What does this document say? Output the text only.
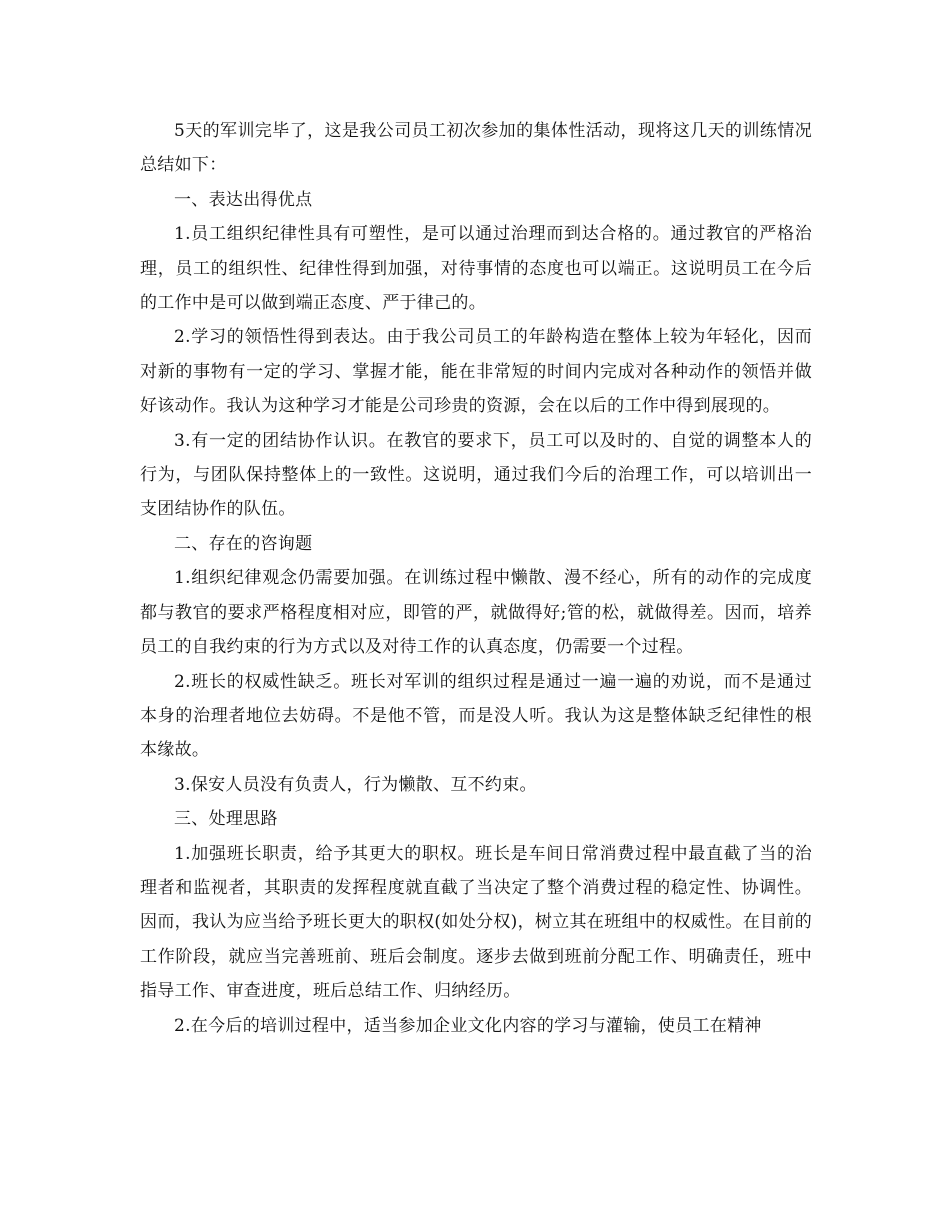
5天的军训完毕了，这是我公司员工初次参加的集体性活动，现将这几天的训练情况总结如下：

一、表达出得优点

1.员工组织纪律性具有可塑性，是可以通过治理而到达合格的。通过教官的严格治理，员工的组织性、纪律性得到加强，对待事情的态度也可以端正。这说明员工在今后的工作中是可以做到端正态度、严于律己的。

2.学习的领悟性得到表达。由于我公司员工的年龄构造在整体上较为年轻化，因而对新的事物有一定的学习、掌握才能，能在非常短的时间内完成对各种动作的领悟并做好该动作。我认为这种学习才能是公司珍贵的资源，会在以后的工作中得到展现的。

3.有一定的团结协作认识。在教官的要求下，员工可以及时的、自觉的调整本人的行为，与团队保持整体上的一致性。这说明，通过我们今后的治理工作，可以培训出一支团结协作的队伍。

二、存在的咨询题

1.组织纪律观念仍需要加强。在训练过程中懒散、漫不经心，所有的动作的完成度都与教官的要求严格程度相对应，即管的严，就做得好;管的松，就做得差。因而，培养员工的自我约束的行为方式以及对待工作的认真态度，仍需要一个过程。

2.班长的权威性缺乏。班长对军训的组织过程是通过一遍一遍的劝说，而不是通过本身的治理者地位去妨碍。不是他不管，而是没人听。我认为这是整体缺乏纪律性的根本缘故。

3.保安人员没有负责人，行为懒散、互不约束。

三、处理思路

1.加强班长职责，给予其更大的职权。班长是车间日常消费过程中最直截了当的治理者和监视者，其职责的发挥程度就直截了当决定了整个消费过程的稳定性、协调性。因而，我认为应当给予班长更大的职权(如处分权)，树立其在班组中的权威性。在目前的工作阶段，就应当完善班前、班后会制度。逐步去做到班前分配工作、明确责任，班中指导工作、审查进度，班后总结工作、归纳经历。

2.在今后的培训过程中，适当参加企业文化内容的学习与灌输，使员工在精神
